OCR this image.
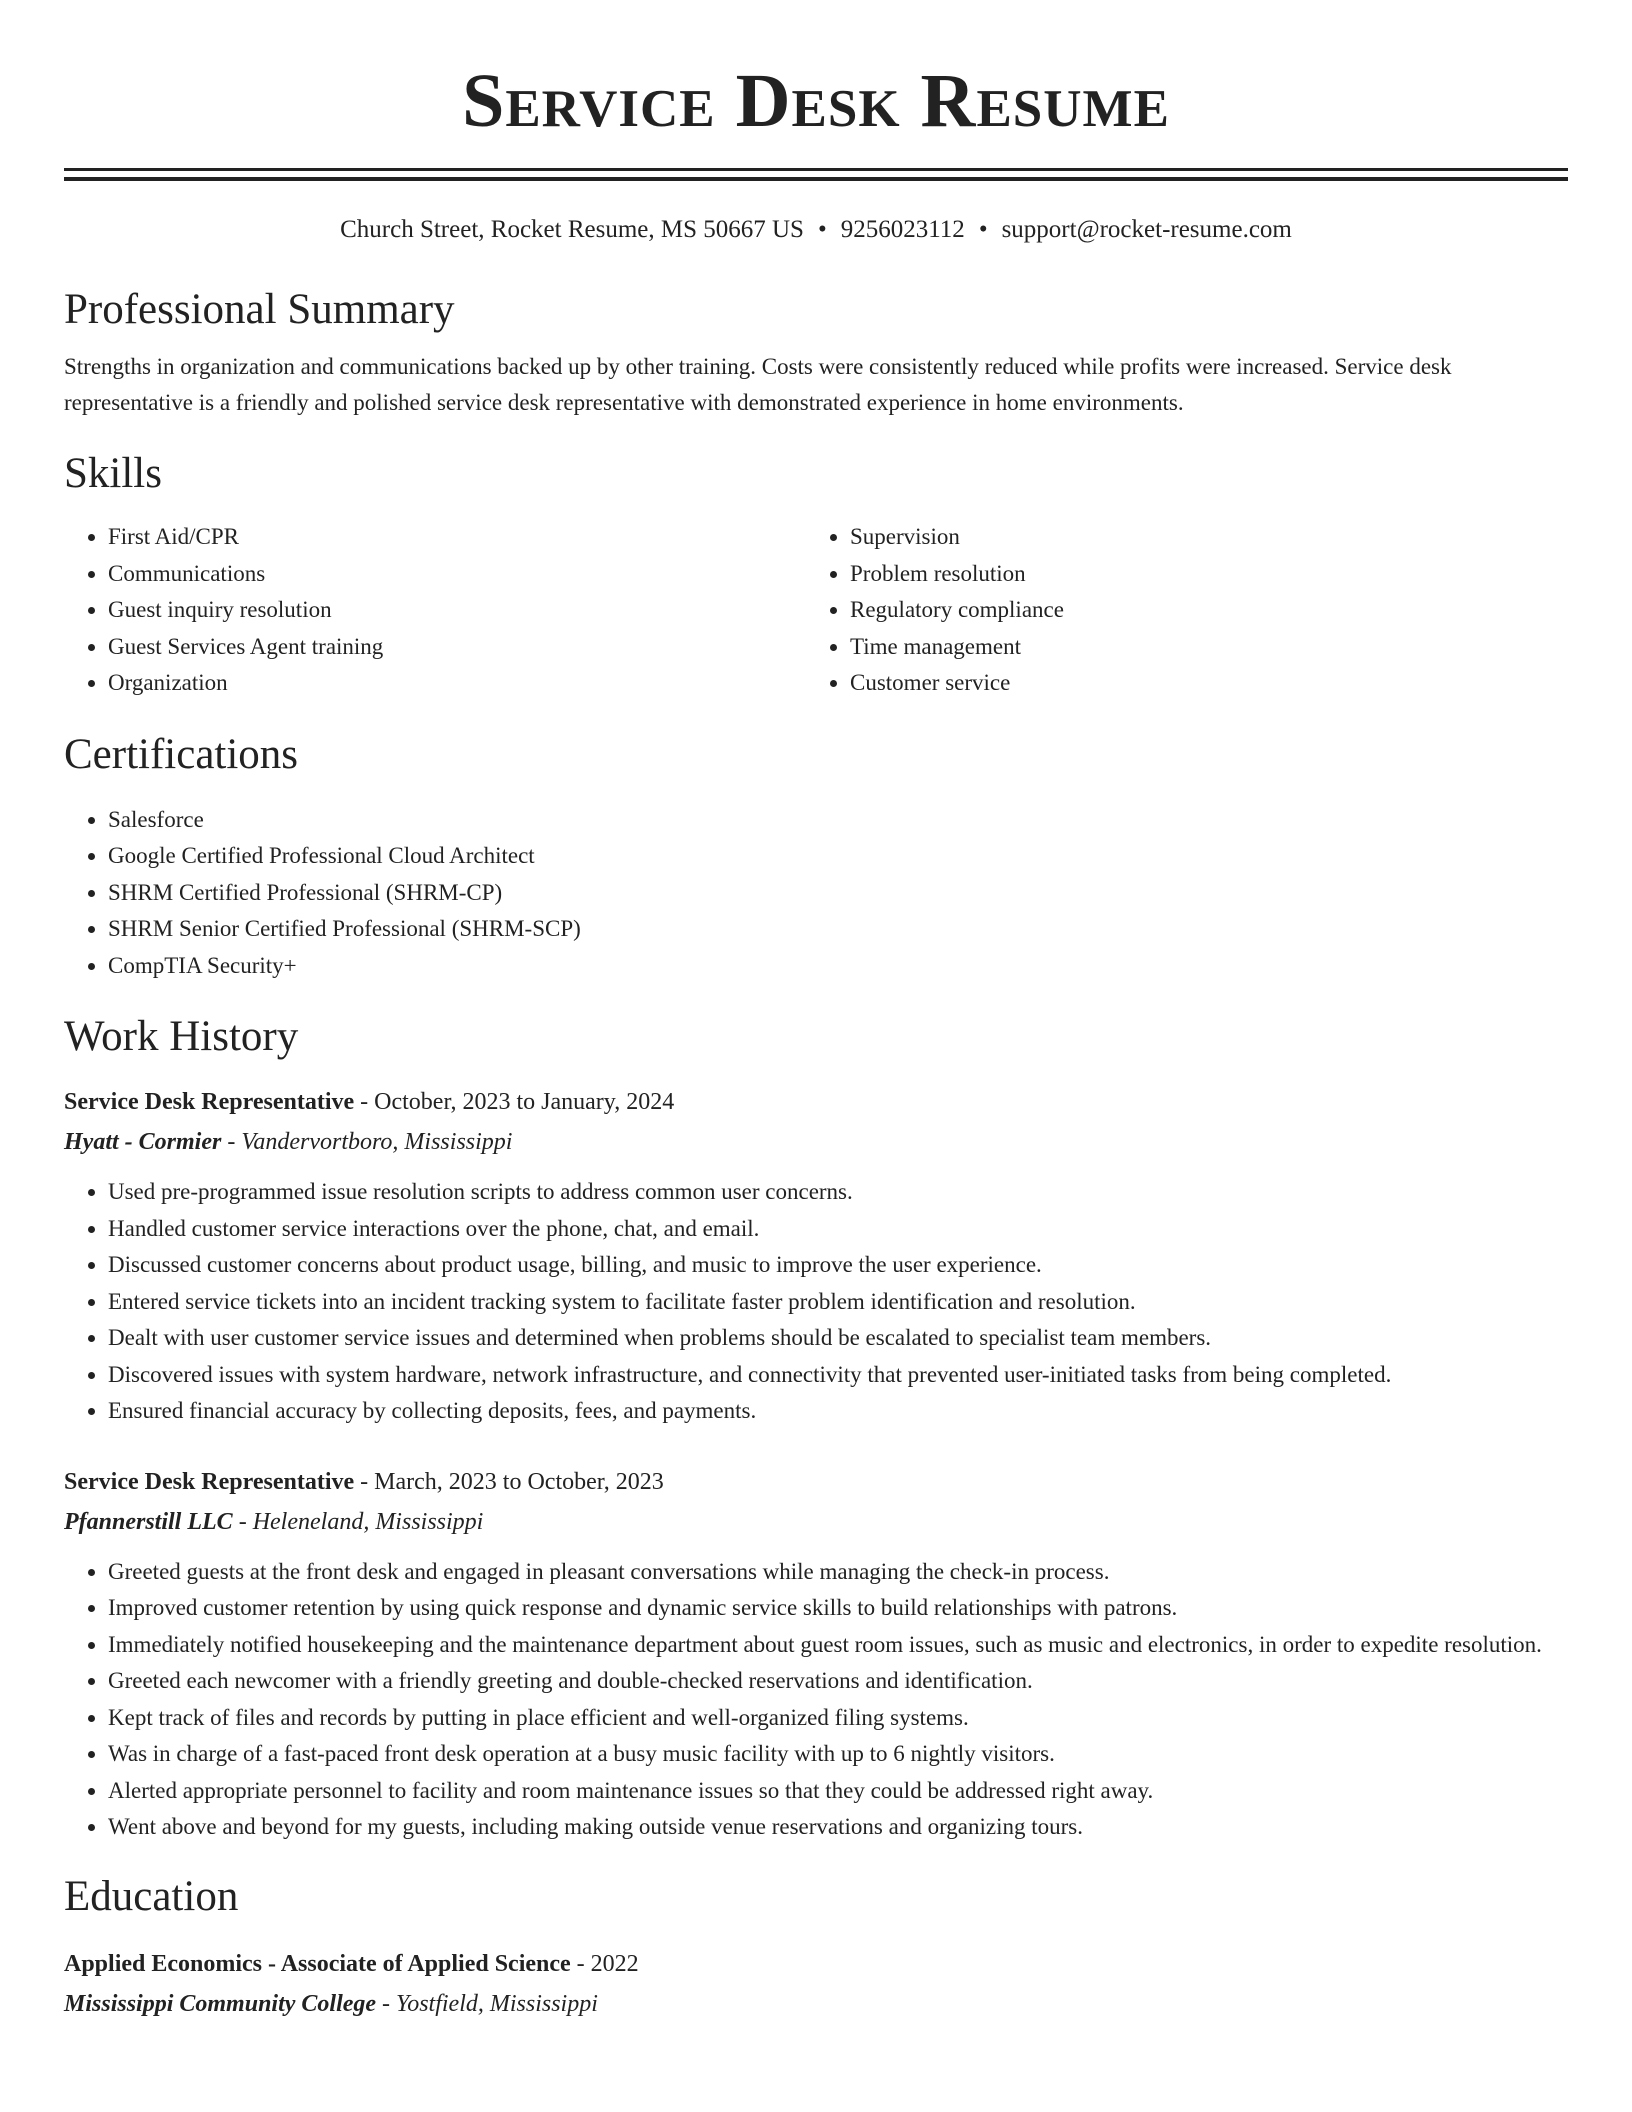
Service Desk Resume
Church Street, Rocket Resume, MS 50667 US • 9256023112 • support@rocket-resume.com
Professional Summary

Strengths in organization and communications backed up by other training. Costs were consistently reduced while profits were increased. Service desk representative is a friendly and polished service desk representative with demonstrated experience in home environments.

Skills
• First Aid/CPR
• Communications
• Guest inquiry resolution
• Guest Services Agent training
• Organization
• Supervision
• Problem resolution
• Regulatory compliance
• Time management
• Customer service
Certifications
• Salesforce
• Google Certified Professional Cloud Architect
• SHRM Certified Professional (SHRM-CP)
• SHRM Senior Certified Professional (SHRM-SCP)
• CompTIA Security+
Work History
Service Desk Representative - October, 2023 to January, 2024
Hyatt - Cormier - Vandervortboro, Mississippi
• Used pre-programmed issue resolution scripts to address common user concerns.
• Handled customer service interactions over the phone, chat, and email.
• Discussed customer concerns about product usage, billing, and music to improve the user experience.
• Entered service tickets into an incident tracking system to facilitate faster problem identification and resolution.
• Dealt with user customer service issues and determined when problems should be escalated to specialist team members.
• Discovered issues with system hardware, network infrastructure, and connectivity that prevented user-initiated tasks from being completed.
• Ensured financial accuracy by collecting deposits, fees, and payments.
Service Desk Representative - March, 2023 to October, 2023
Pfannerstill LLC - Heleneland, Mississippi
• Greeted guests at the front desk and engaged in pleasant conversations while managing the check-in process.
• Improved customer retention by using quick response and dynamic service skills to build relationships with patrons.
• Immediately notified housekeeping and the maintenance department about guest room issues, such as music and electronics, in order to expedite resolution.
• Greeted each newcomer with a friendly greeting and double-checked reservations and identification.
• Kept track of files and records by putting in place efficient and well-organized filing systems.
• Was in charge of a fast-paced front desk operation at a busy music facility with up to 6 nightly visitors.
• Alerted appropriate personnel to facility and room maintenance issues so that they could be addressed right away.
• Went above and beyond for my guests, including making outside venue reservations and organizing tours.
Education
Applied Economics - Associate of Applied Science - 2022
Mississippi Community College - Yostfield, Mississippi
